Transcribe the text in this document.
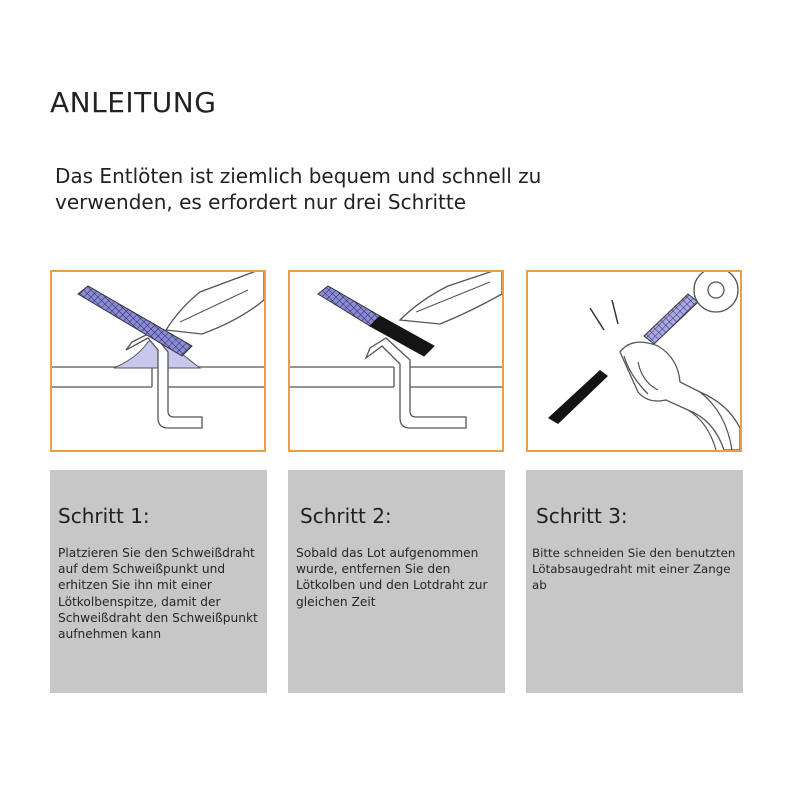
ANLEITUNG

Das Entlöten ist ziemlich bequem und schnell zu verwenden, es erfordert nur drei Schritte

Schritt 1:

Platzieren Sie den Schweißdraht auf dem Schweißpunkt und erhitzen Sie ihn mit einer Lötkolbenspitze, damit der Schweißdraht den Schweißpunkt aufnehmen kann

Schritt 2:

Sobald das Lot aufgenommen wurde, entfernen Sie den Lötkolben und den Lotdraht zur gleichen Zeit

Schritt 3:

Bitte schneiden Sie den benutzten Lötabsaugedraht mit einer Zange ab
